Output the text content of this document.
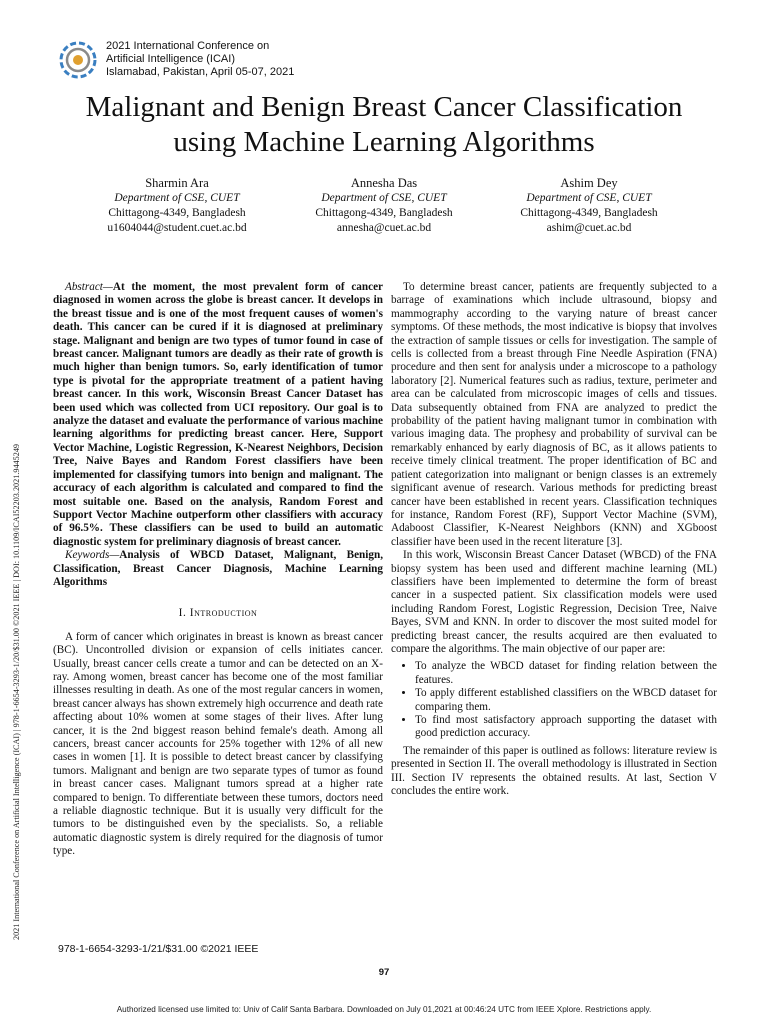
2021 International Conference on
Artificial Intelligence (ICAI)
Islamabad, Pakistan, April 05-07, 2021
Malignant and Benign Breast Cancer Classification
using Machine Learning Algorithms
Sharmin Ara
Department of CSE, CUET
Chittagong-4349, Bangladesh
u1604044@student.cuet.ac.bd
Annesha Das
Department of CSE, CUET
Chittagong-4349, Bangladesh
annesha@cuet.ac.bd
Ashim Dey
Department of CSE, CUET
Chittagong-4349, Bangladesh
ashim@cuet.ac.bd
2021 International Conference on Artificial Intelligence (ICAI) | 978-1-6654-3293-1/20/$31.00 ©2021 IEEE | DOI: 10.1109/ICAI52203.2021.9445249

Abstract—At the moment, the most prevalent form of cancer diagnosed in women across the globe is breast cancer. It develops in the breast tissue and is one of the most frequent causes of women's death. This cancer can be cured if it is diagnosed at preliminary stage. Malignant and benign are two types of tumor found in case of breast cancer. Malignant tumors are deadly as their rate of growth is much higher than benign tumors. So, early identification of tumor type is pivotal for the appropriate treatment of a patient having breast cancer. In this work, Wisconsin Breast Cancer Dataset has been used which was collected from UCI repository. Our goal is to analyze the dataset and evaluate the performance of various machine learning algorithms for predicting breast cancer. Here, Support Vector Machine, Logistic Regression, K-Nearest Neighbors, Decision Tree, Naive Bayes and Random Forest classifiers have been implemented for classifying tumors into benign and malignant. The accuracy of each algorithm is calculated and compared to find the most suitable one. Based on the analysis, Random Forest and Support Vector Machine outperform other classifiers with accuracy of 96.5%. These classifiers can be used to build an automatic diagnostic system for preliminary diagnosis of breast cancer.

Keywords—Analysis of WBCD Dataset, Malignant, Benign, Classification, Breast Cancer Diagnosis, Machine Learning Algorithms

I. Introduction

A form of cancer which originates in breast is known as breast cancer (BC). Uncontrolled division or expansion of cells initiates cancer. Usually, breast cancer cells create a tumor and can be detected on an X-ray. Among women, breast cancer has become one of the most familiar illnesses resulting in death. As one of the most regular cancers in women, breast cancer always has shown extremely high occurrence and death rate affecting about 10% women at some stages of their lives. After lung cancer, it is the 2nd biggest reason behind female's death. Among all cancers, breast cancer accounts for 25% together with 12% of all new cases in women [1]. It is possible to detect breast cancer by classifying tumors. Malignant and benign are two separate types of tumor as found in breast cancer cases. Malignant tumors spread at a higher rate compared to benign. To differentiate between these tumors, doctors need a reliable diagnostic technique. But it is usually very difficult for the tumors to be distinguished even by the specialists. So, a reliable automatic diagnostic system is direly required for the diagnosis of tumor type.

To determine breast cancer, patients are frequently subjected to a barrage of examinations which include ultrasound, biopsy and mammography according to the varying nature of breast cancer symptoms. Of these methods, the most indicative is biopsy that involves the extraction of sample tissues or cells for investigation. The sample of cells is collected from a breast through Fine Needle Aspiration (FNA) procedure and then sent for analysis under a microscope to a pathology laboratory [2]. Numerical features such as radius, texture, perimeter and area can be calculated from microscopic images of cells and tissues. Data subsequently obtained from FNA are analyzed to predict the probability of the patient having malignant tumor in combination with various imaging data. The prophesy and probability of survival can be remarkably enhanced by early diagnosis of BC, as it allows patients to receive timely clinical treatment. The proper identification of BC and patient categorization into malignant or benign classes is an extremely significant avenue of research. Various methods for predicting breast cancer have been established in recent years. Classification techniques for instance, Random Forest (RF), Support Vector Machine (SVM), Adaboost Classifier, K-Nearest Neighbors (KNN) and XGboost classifier have been used in the recent literature [3].

In this work, Wisconsin Breast Cancer Dataset (WBCD) of the FNA biopsy system has been used and different machine learning (ML) classifiers have been implemented to determine the form of breast cancer in a suspected patient. Six classification models were used including Random Forest, Logistic Regression, Decision Tree, Naive Bayes, SVM and KNN. In order to discover the most suited model for predicting breast cancer, the results acquired are then evaluated to compare the algorithms. The main objective of our paper are:

• To analyze the WBCD dataset for finding relation between the features.
• To apply different established classifiers on the WBCD dataset for comparing them.
• To find most satisfactory approach supporting the dataset with good prediction accuracy.

The remainder of this paper is outlined as follows: literature review is presented in Section II. The overall methodology is illustrated in Section III. Section IV represents the obtained results. At last, Section V concludes the entire work.

978-1-6654-3293-1/21/$31.00 ©2021 IEEE
97
Authorized licensed use limited to: Univ of Calif Santa Barbara. Downloaded on July 01,2021 at 00:46:24 UTC from IEEE Xplore. Restrictions apply.
